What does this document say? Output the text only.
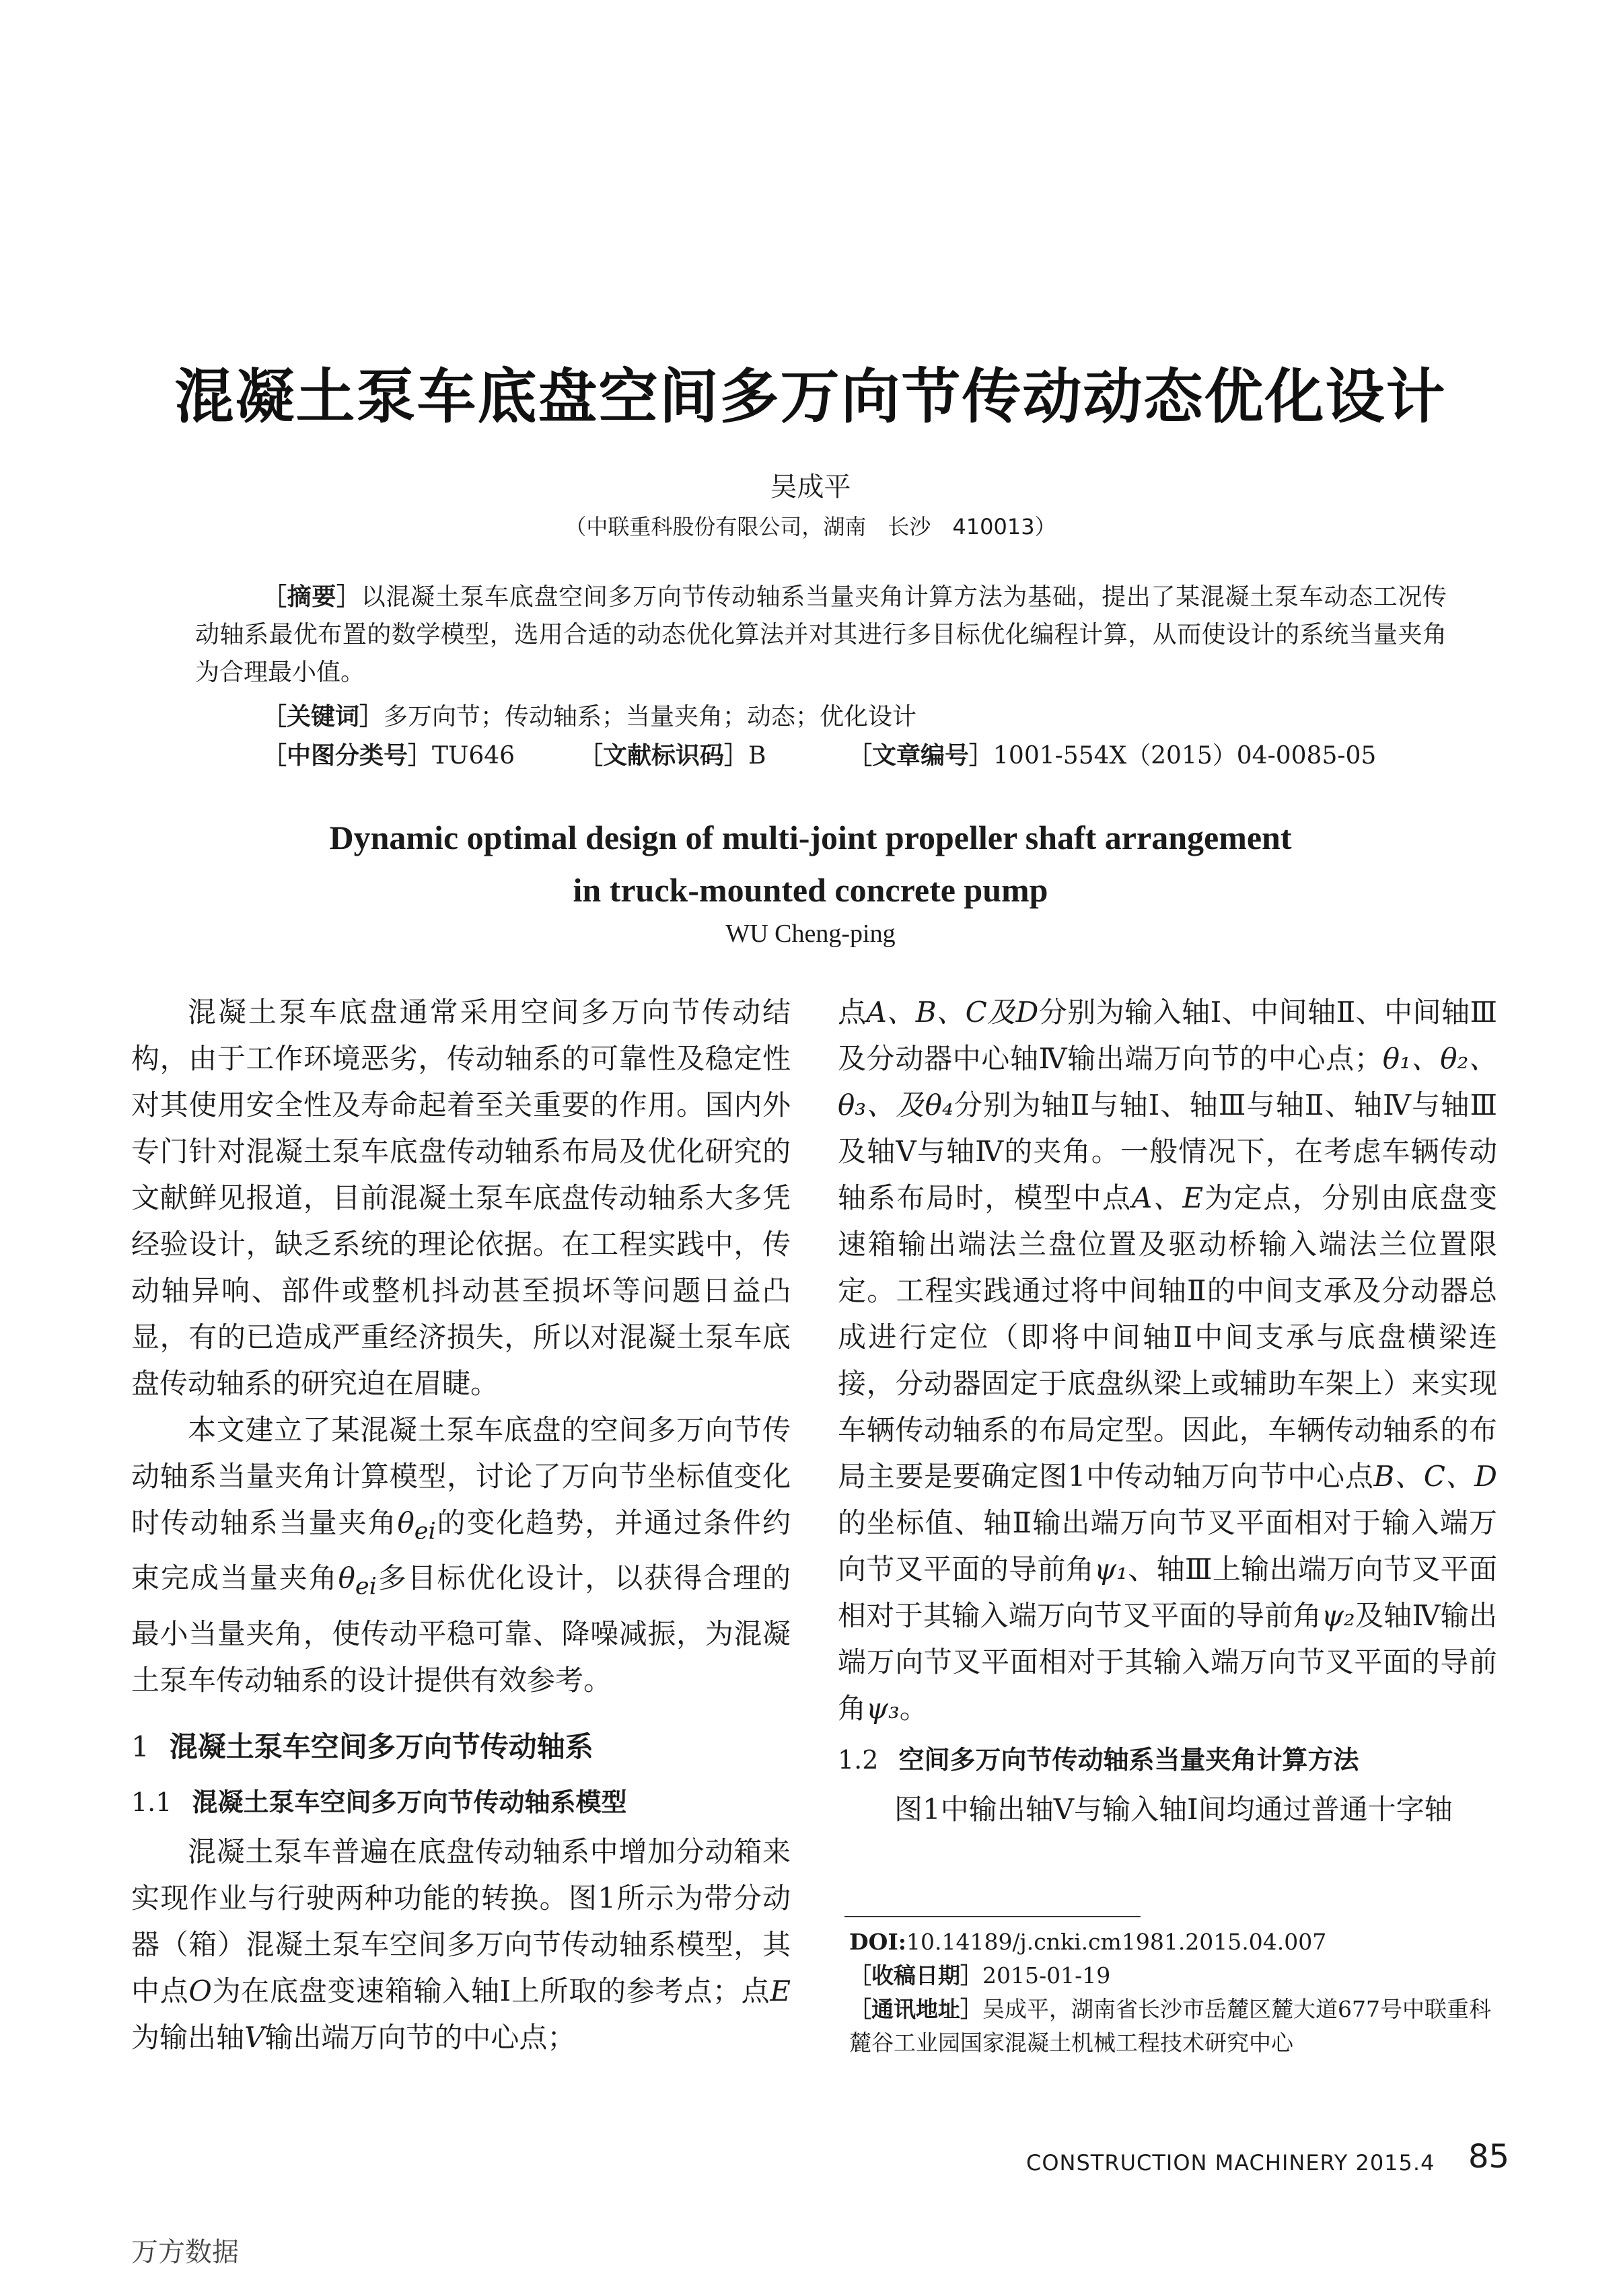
混凝土泵车底盘空间多万向节传动动态优化设计
吴成平
（中联重科股份有限公司，湖南　长沙　410013）

［摘要］以混凝土泵车底盘空间多万向节传动轴系当量夹角计算方法为基础，提出了某混凝土泵车动态工况传动轴系最优布置的数学模型，选用合适的动态优化算法并对其进行多目标优化编程计算，从而使设计的系统当量夹角为合理最小值。

［关键词］多万向节；传动轴系；当量夹角；动态；优化设计
［中图分类号］TU646	［文献标识码］B	［文章编号］1001-554X（2015）04-0085-05
Dynamic optimal design of multi-joint propeller shaft arrangement
in truck-mounted concrete pump
WU Cheng-ping

混凝土泵车底盘通常采用空间多万向节传动结构，由于工作环境恶劣，传动轴系的可靠性及稳定性对其使用安全性及寿命起着至关重要的作用。国内外专门针对混凝土泵车底盘传动轴系布局及优化研究的文献鲜见报道，目前混凝土泵车底盘传动轴系大多凭经验设计，缺乏系统的理论依据。在工程实践中，传动轴异响、部件或整机抖动甚至损坏等问题日益凸显，有的已造成严重经济损失，所以对混凝土泵车底盘传动轴系的研究迫在眉睫。

本文建立了某混凝土泵车底盘的空间多万向节传动轴系当量夹角计算模型，讨论了万向节坐标值变化时传动轴系当量夹角$\theta_{ei}$的变化趋势，并通过条件约束完成当量夹角$\theta_{ei}$多目标优化设计，以获得合理的最小当量夹角，使传动平稳可靠、降噪减振，为混凝土泵车传动轴系的设计提供有效参考。

1 混凝土泵车空间多万向节传动轴系
1.1 混凝土泵车空间多万向节传动轴系模型

混凝土泵车普遍在底盘传动轴系中增加分动箱来实现作业与行驶两种功能的转换。图1所示为带分动器（箱）混凝土泵车空间多万向节传动轴系模型，其中点O为在底盘变速箱输入轴I上所取的参考点；点E为输出轴V输出端万向节的中心点；

点A、B、C及D分别为输入轴Ⅰ、中间轴Ⅱ、中间轴Ⅲ及分动器中心轴Ⅳ输出端万向节的中心点；θ₁、θ₂、θ₃、及θ₄分别为轴Ⅱ与轴Ⅰ、轴Ⅲ与轴Ⅱ、轴Ⅳ与轴Ⅲ及轴Ⅴ与轴Ⅳ的夹角。一般情况下，在考虑车辆传动轴系布局时，模型中点A、E为定点，分别由底盘变速箱输出端法兰盘位置及驱动桥输入端法兰位置限定。工程实践通过将中间轴Ⅱ的中间支承及分动器总成进行定位（即将中间轴Ⅱ中间支承与底盘横梁连接，分动器固定于底盘纵梁上或辅助车架上）来实现车辆传动轴系的布局定型。因此，车辆传动轴系的布局主要是要确定图1中传动轴万向节中心点B、C、D的坐标值、轴Ⅱ输出端万向节叉平面相对于输入端万向节叉平面的导前角ψ₁、轴Ⅲ上输出端万向节叉平面相对于其输入端万向节叉平面的导前角ψ₂及轴Ⅳ输出端万向节叉平面相对于其输入端万向节叉平面的导前角ψ₃。

1.2 空间多万向节传动轴系当量夹角计算方法

图1中输出轴V与输入轴I间均通过普通十字轴

DOI:10.14189/j.cnki.cm1981.2015.04.007

［收稿日期］2015-01-19

［通讯地址］吴成平，湖南省长沙市岳麓区麓大道677号中联重科麓谷工业园国家混凝土机械工程技术研究中心

CONSTRUCTION MACHINERY 2015.4 85
万方数据
